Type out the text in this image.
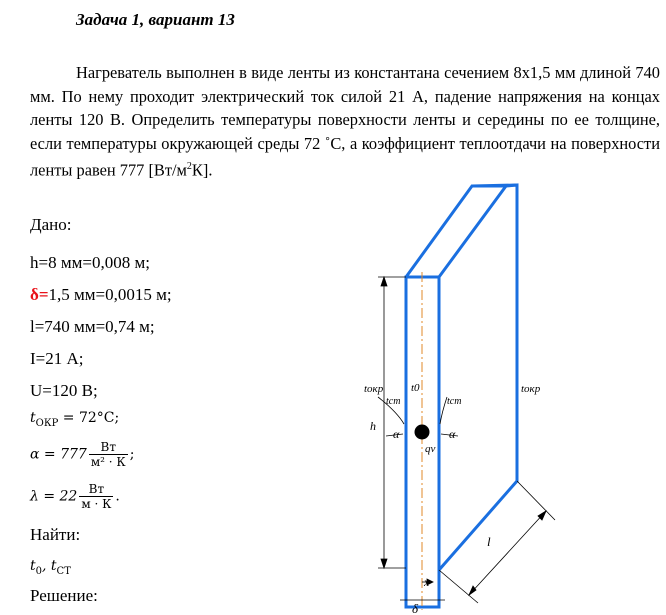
Задача 1, вариант 13
Нагреватель выполнен в виде ленты из константана сечением 8x1,5 мм длиной 740 мм. По нему проходит электрический ток силой 21 А, падение напряжения на концах ленты 120 В. Определить температуры поверхности ленты и середины по ее толщине, если температуры окружающей среды 72 ˚С, а коэффициент теплоотдачи на поверхности ленты равен 777 $[Вт/м^2К]$.
Дано:
h=8 мм=0,008 м;
δ=1,5 мм=0,0015 м;
l=740 мм=0,74 м;
I=21 А;
U=120 В;
$t_{ОКР} = 72^\circ C$;
$\alpha = 777 \frac{Вт}{\text{м² · К}}$ ;
$\lambda = 22 \frac{Вт}{м \cdot К}$ .
Найти:
$t_0$, $t_{СТ}$
Решение:
tокр	tокр
t0
tст	tст
h
α	α
qv
l
x
δ
